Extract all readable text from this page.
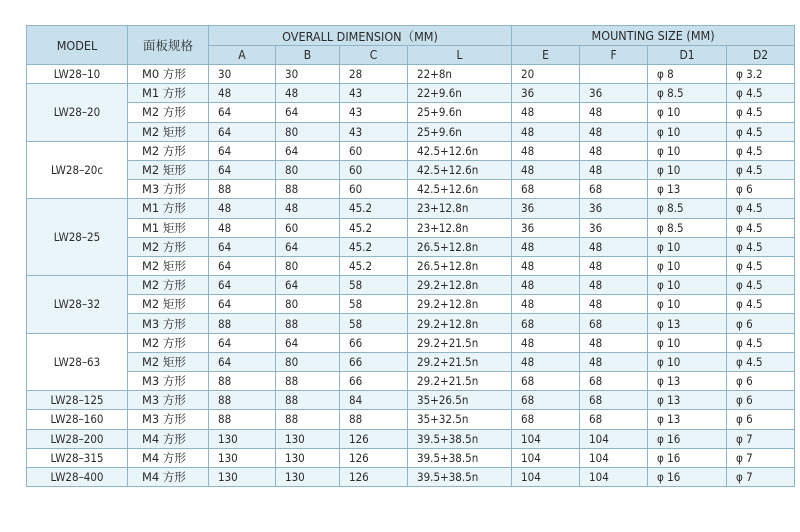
MODEL	面板规格	OVERALL DIMENSION（MM)				MOUNTING SIZE (MM)			
		A	B	C	L	E	F	D1	D2
LW28–10	M0 方形	30	30	28	22+8n	20		φ 8	φ 3.2
LW28–20	M1 方形	48	48	43	22+9.6n	36	36	φ 8.5	φ 4.5
	M2 方形	64	64	43	25+9.6n	48	48	φ 10	φ 4.5
	M2 矩形	64	80	43	25+9.6n	48	48	φ 10	φ 4.5
LW28–20c	M2 方形	64	64	60	42.5+12.6n	48	48	φ 10	φ 4.5
	M2 矩形	64	80	60	42.5+12.6n	48	48	φ 10	φ 4.5
	M3 方形	88	88	60	42.5+12.6n	68	68	φ 13	φ 6
LW28–25	M1 方形	48	48	45.2	23+12.8n	36	36	φ 8.5	φ 4.5
	M1 矩形	48	60	45.2	23+12.8n	36	36	φ 8.5	φ 4.5
	M2 方形	64	64	45.2	26.5+12.8n	48	48	φ 10	φ 4.5
	M2 矩形	64	80	45.2	26.5+12.8n	48	48	φ 10	φ 4.5
LW28–32	M2 方形	64	64	58	29.2+12.8n	48	48	φ 10	φ 4.5
	M2 矩形	64	80	58	29.2+12.8n	48	48	φ 10	φ 4.5
	M3 方形	88	88	58	29.2+12.8n	68	68	φ 13	φ 6
LW28–63	M2 方形	64	64	66	29.2+21.5n	48	48	φ 10	φ 4.5
	M2 矩形	64	80	66	29.2+21.5n	48	48	φ 10	φ 4.5
	M3 方形	88	88	66	29.2+21.5n	68	68	φ 13	φ 6
LW28–125	M3 方形	88	88	84	35+26.5n	68	68	φ 13	φ 6
LW28–160	M3 方形	88	88	88	35+32.5n	68	68	φ 13	φ 6
LW28–200	M4 方形	130	130	126	39.5+38.5n	104	104	φ 16	φ 7
LW28–315	M4 方形	130	130	126	39.5+38.5n	104	104	φ 16	φ 7
LW28–400	M4 方形	130	130	126	39.5+38.5n	104	104	φ 16	φ 7
